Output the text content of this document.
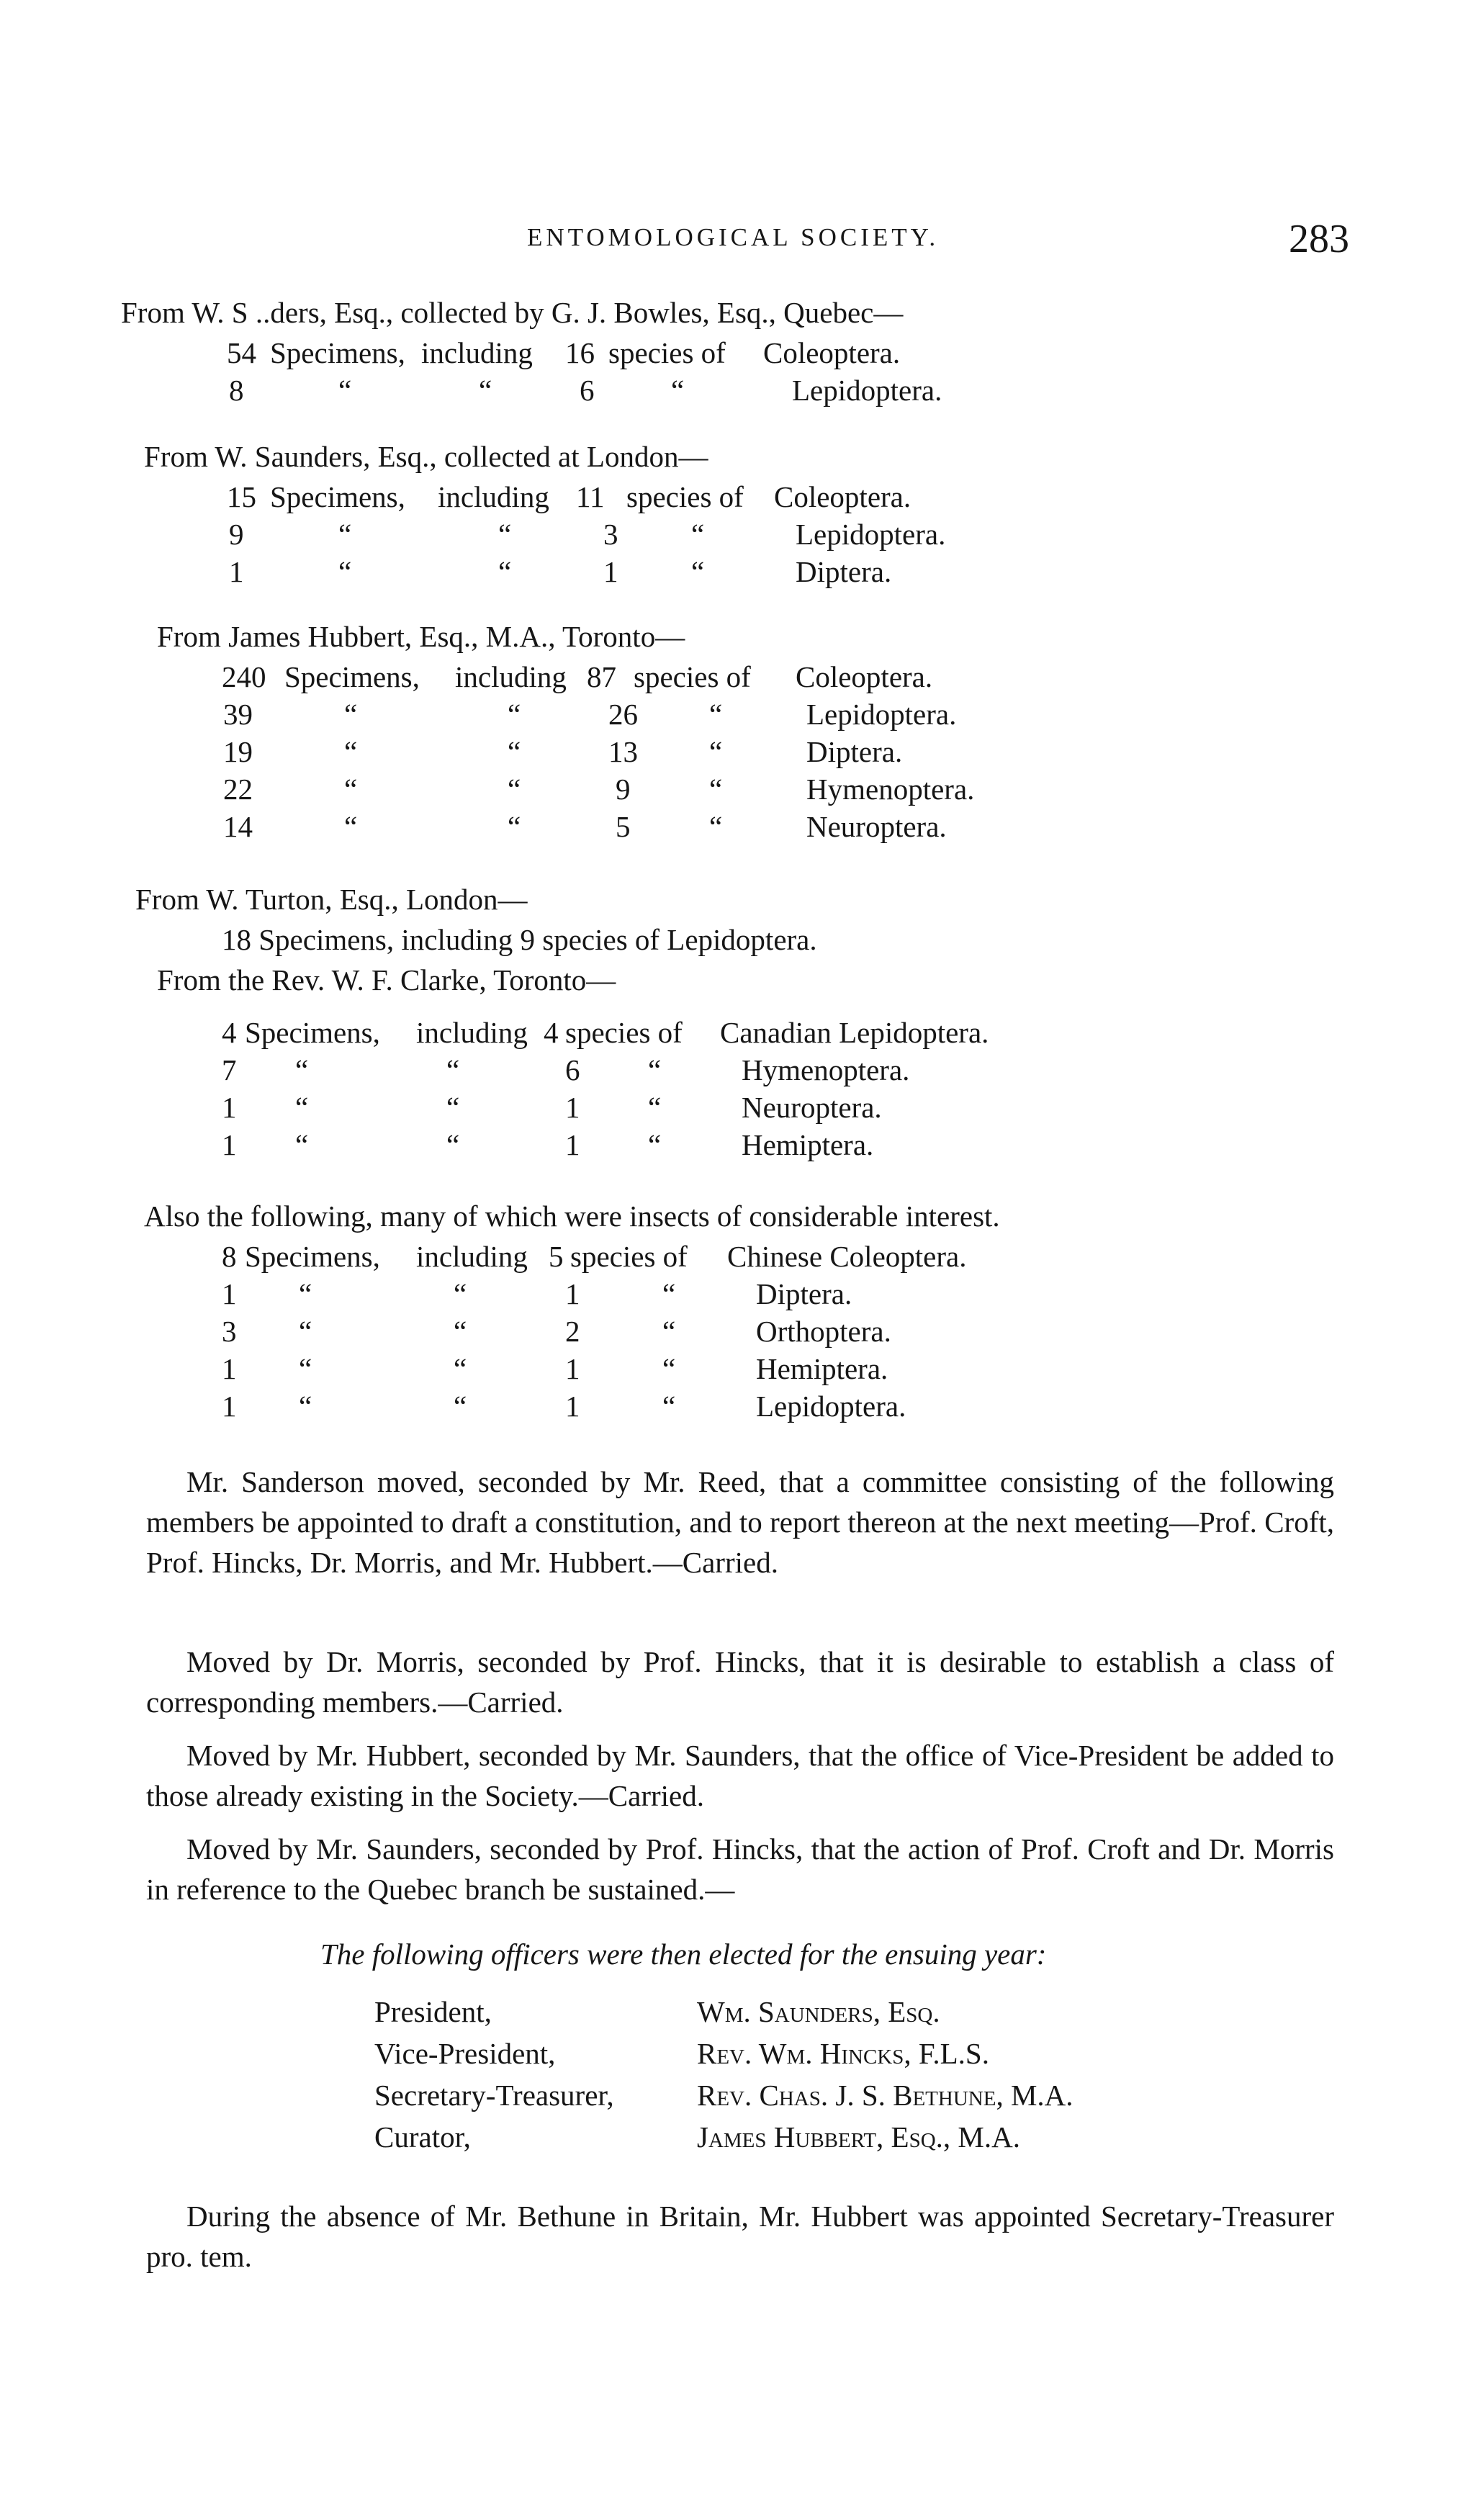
ENTOMOLOGICAL SOCIETY.	283
From W. S⁠ ..ders, Esq., collected by G. J. Bowles, Esq., Quebec—
54 Specimens, including 16 species of Coleoptera.
8	“	“	6	“	Lepidoptera.
From W. Saunders, Esq., collected at London—
15 Specimens, including 11 species of Coleoptera.
9	“	“	3 “	Lepidoptera.
1	“	“	1 “	Diptera.
From James Hubbert, Esq., M.A., Toronto—
240 Specimens, including 87 species of Coleoptera.
39	“	“	26 “	Lepidoptera.
19	“	“	13 “	Diptera.
22	“	“	9	“	Hymenoptera.
14	“	“	5	“	Neuroptera.
From W. Turton, Esq., London—
18 Specimens, including 9 species of Lepidoptera.
From the Rev. W. F. Clarke, Toronto—
4 Specimens, including 4 species of Canadian Lepidoptera.
7 “	“	6 “	Hymenoptera.
1 “	“	1 “	Neuroptera.
1 “	“	1 “	Hemiptera.
Also the following, many of which were insects of considerable interest.
8 Specimens, including 5 species of Chinese Coleoptera.
1 “	“	1	“	Diptera.
3 “	“	2	“	Orthoptera.
1 “	“	1	“	Hemiptera.
1 “	“	1	“	Lepidoptera.
Mr. Sanderson moved, seconded by Mr. Reed, that a committee consisting of the following members be appointed to draft a constitution, and to report thereon at the next meeting—Prof. Croft, Prof. Hincks, Dr. Morris, and Mr. Hubbert.—Carried.
Moved by Dr. Morris, seconded by Prof. Hincks, that it is desirable to establish a class of corresponding members.—Carried.
Moved by Mr. Hubbert, seconded by Mr. Saunders, that the office of Vice-President be added to those already existing in the Society.—Carried.
Moved by Mr. Saunders, seconded by Prof. Hincks, that the action of Prof. Croft and Dr. Morris in reference to the Quebec branch be sustained.—
The following officers were then elected for the ensuing year:
President,	Wm. Saunders, Esq.
Vice-President,	Rev. Wm. Hincks, F.L.S.
Secretary-Treasurer,	Rev. Chas. J. S. Bethune, M.A.
Curator,	James Hubbert, Esq., M.A.
During the absence of Mr. Bethune in Britain, Mr. Hubbert was appointed Secretary-Treasurer pro. tem.
